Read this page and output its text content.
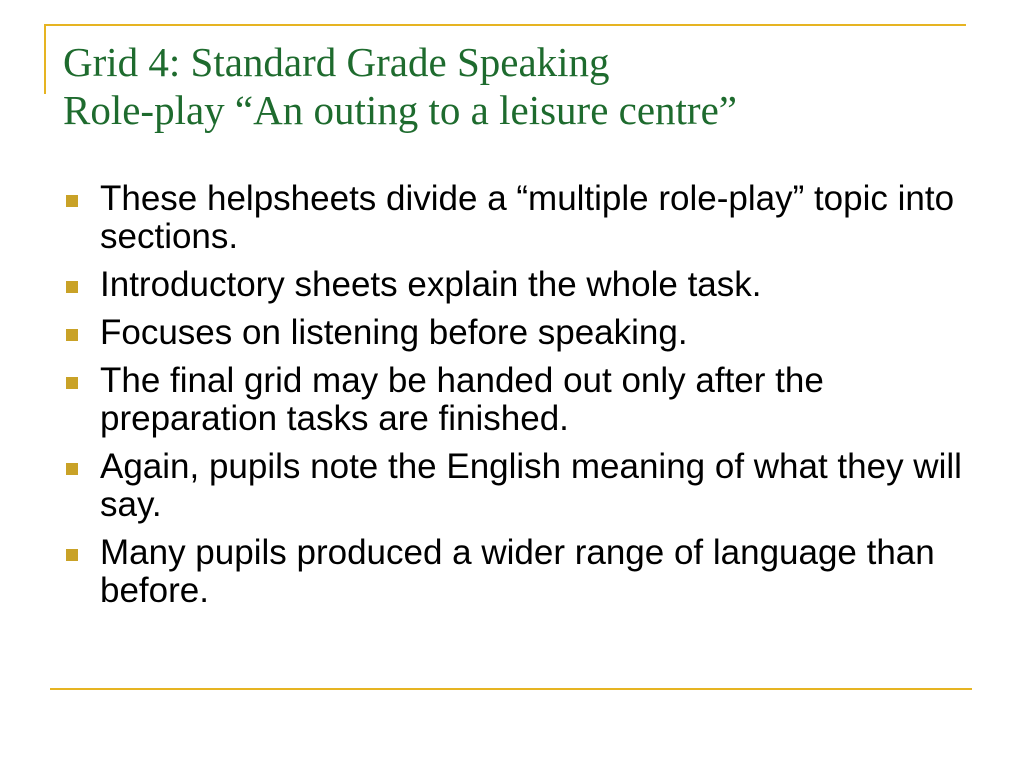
Grid 4: Standard Grade Speaking
Role-play “An outing to a leisure centre”
These helpsheets divide a “multiple role-play” topic into sections.
Introductory sheets explain the whole task.
Focuses on listening before speaking.
The final grid may be handed out only after the preparation tasks are finished.
Again, pupils note the English meaning of what they will say.
Many pupils produced a wider range of language than before.
